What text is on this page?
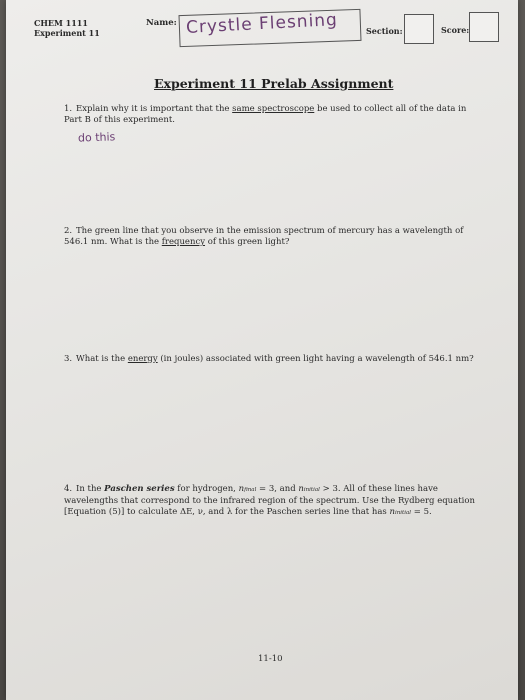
CHEM 1111
Experiment 11
Name: Crystle Flesning	Section:	Score:
Experiment 11 Prelab Assignment
1. Explain why it is important that the same spectroscope be used to collect all of the data in Part B of this experiment.
do this
2. The green line that you observe in the emission spectrum of mercury has a wavelength of 546.1 nm. What is the frequency of this green light?
3. What is the energy (in joules) associated with green light having a wavelength of 546.1 nm?
4. In the Paschen series for hydrogen, nfinal = 3, and ninitial > 3. All of these lines have wavelengths that correspond to the infrared region of the spectrum. Use the Rydberg equation [Equation (5)] to calculate ΔE, ν, and λ for the Paschen series line that has ninitial = 5.
11-10
